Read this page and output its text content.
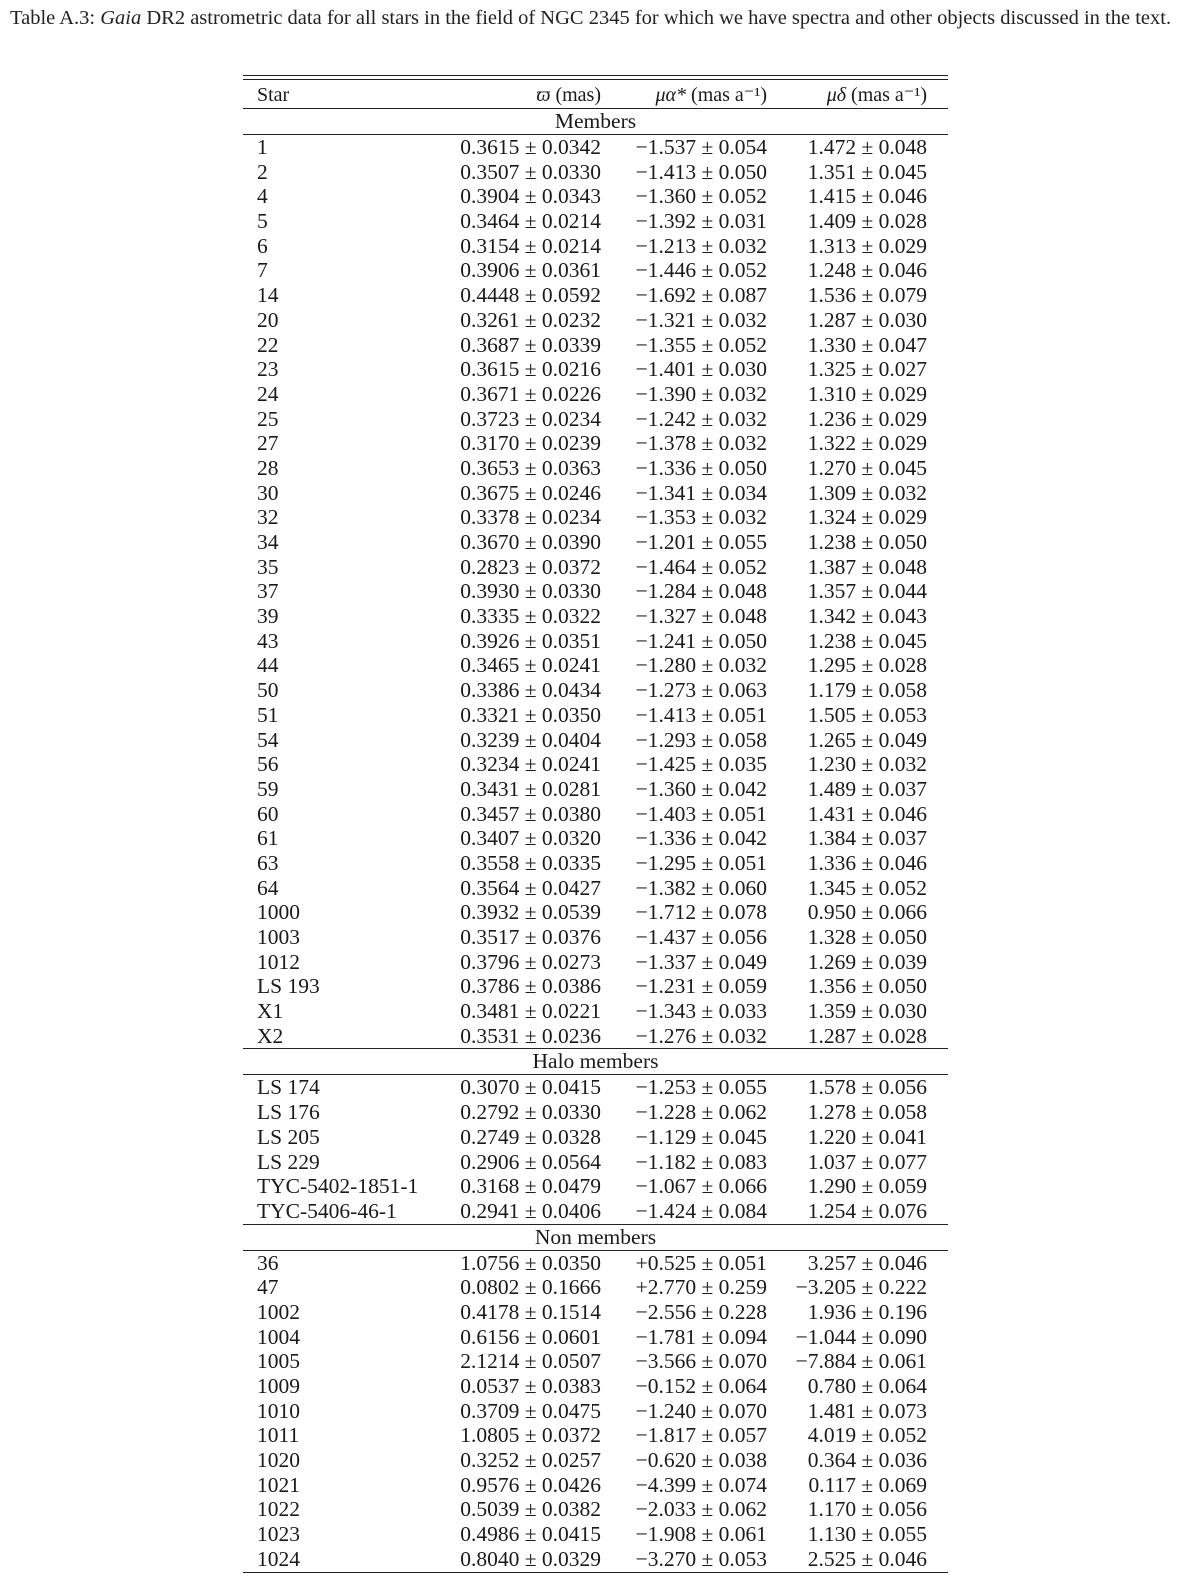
Table A.3: Gaia DR2 astrometric data for all stars in the field of NGC 2345 for which we have spectra and other objects discussed in the text.
Star	ϖ (mas)	μα* (mas a⁻¹)	μδ (mas a⁻¹)
Members
1	0.3615 ± 0.0342	−1.537 ± 0.054	1.472 ± 0.048
2	0.3507 ± 0.0330	−1.413 ± 0.050	1.351 ± 0.045
4	0.3904 ± 0.0343	−1.360 ± 0.052	1.415 ± 0.046
5	0.3464 ± 0.0214	−1.392 ± 0.031	1.409 ± 0.028
6	0.3154 ± 0.0214	−1.213 ± 0.032	1.313 ± 0.029
7	0.3906 ± 0.0361	−1.446 ± 0.052	1.248 ± 0.046
14	0.4448 ± 0.0592	−1.692 ± 0.087	1.536 ± 0.079
20	0.3261 ± 0.0232	−1.321 ± 0.032	1.287 ± 0.030
22	0.3687 ± 0.0339	−1.355 ± 0.052	1.330 ± 0.047
23	0.3615 ± 0.0216	−1.401 ± 0.030	1.325 ± 0.027
24	0.3671 ± 0.0226	−1.390 ± 0.032	1.310 ± 0.029
25	0.3723 ± 0.0234	−1.242 ± 0.032	1.236 ± 0.029
27	0.3170 ± 0.0239	−1.378 ± 0.032	1.322 ± 0.029
28	0.3653 ± 0.0363	−1.336 ± 0.050	1.270 ± 0.045
30	0.3675 ± 0.0246	−1.341 ± 0.034	1.309 ± 0.032
32	0.3378 ± 0.0234	−1.353 ± 0.032	1.324 ± 0.029
34	0.3670 ± 0.0390	−1.201 ± 0.055	1.238 ± 0.050
35	0.2823 ± 0.0372	−1.464 ± 0.052	1.387 ± 0.048
37	0.3930 ± 0.0330	−1.284 ± 0.048	1.357 ± 0.044
39	0.3335 ± 0.0322	−1.327 ± 0.048	1.342 ± 0.043
43	0.3926 ± 0.0351	−1.241 ± 0.050	1.238 ± 0.045
44	0.3465 ± 0.0241	−1.280 ± 0.032	1.295 ± 0.028
50	0.3386 ± 0.0434	−1.273 ± 0.063	1.179 ± 0.058
51	0.3321 ± 0.0350	−1.413 ± 0.051	1.505 ± 0.053
54	0.3239 ± 0.0404	−1.293 ± 0.058	1.265 ± 0.049
56	0.3234 ± 0.0241	−1.425 ± 0.035	1.230 ± 0.032
59	0.3431 ± 0.0281	−1.360 ± 0.042	1.489 ± 0.037
60	0.3457 ± 0.0380	−1.403 ± 0.051	1.431 ± 0.046
61	0.3407 ± 0.0320	−1.336 ± 0.042	1.384 ± 0.037
63	0.3558 ± 0.0335	−1.295 ± 0.051	1.336 ± 0.046
64	0.3564 ± 0.0427	−1.382 ± 0.060	1.345 ± 0.052
1000	0.3932 ± 0.0539	−1.712 ± 0.078	0.950 ± 0.066
1003	0.3517 ± 0.0376	−1.437 ± 0.056	1.328 ± 0.050
1012	0.3796 ± 0.0273	−1.337 ± 0.049	1.269 ± 0.039
LS 193	0.3786 ± 0.0386	−1.231 ± 0.059	1.356 ± 0.050
X1	0.3481 ± 0.0221	−1.343 ± 0.033	1.359 ± 0.030
X2	0.3531 ± 0.0236	−1.276 ± 0.032	1.287 ± 0.028
Halo members
LS 174	0.3070 ± 0.0415	−1.253 ± 0.055	1.578 ± 0.056
LS 176	0.2792 ± 0.0330	−1.228 ± 0.062	1.278 ± 0.058
LS 205	0.2749 ± 0.0328	−1.129 ± 0.045	1.220 ± 0.041
LS 229	0.2906 ± 0.0564	−1.182 ± 0.083	1.037 ± 0.077
TYC-5402-1851-1	0.3168 ± 0.0479	−1.067 ± 0.066	1.290 ± 0.059
TYC-5406-46-1	0.2941 ± 0.0406	−1.424 ± 0.084	1.254 ± 0.076
Non members
36	1.0756 ± 0.0350	+0.525 ± 0.051	3.257 ± 0.046
47	0.0802 ± 0.1666	+2.770 ± 0.259	−3.205 ± 0.222
1002	0.4178 ± 0.1514	−2.556 ± 0.228	1.936 ± 0.196
1004	0.6156 ± 0.0601	−1.781 ± 0.094	−1.044 ± 0.090
1005	2.1214 ± 0.0507	−3.566 ± 0.070	−7.884 ± 0.061
1009	0.0537 ± 0.0383	−0.152 ± 0.064	0.780 ± 0.064
1010	0.3709 ± 0.0475	−1.240 ± 0.070	1.481 ± 0.073
1011	1.0805 ± 0.0372	−1.817 ± 0.057	4.019 ± 0.052
1020	0.3252 ± 0.0257	−0.620 ± 0.038	0.364 ± 0.036
1021	0.9576 ± 0.0426	−4.399 ± 0.074	0.117 ± 0.069
1022	0.5039 ± 0.0382	−2.033 ± 0.062	1.170 ± 0.056
1023	0.4986 ± 0.0415	−1.908 ± 0.061	1.130 ± 0.055
1024	0.8040 ± 0.0329	−3.270 ± 0.053	2.525 ± 0.046
